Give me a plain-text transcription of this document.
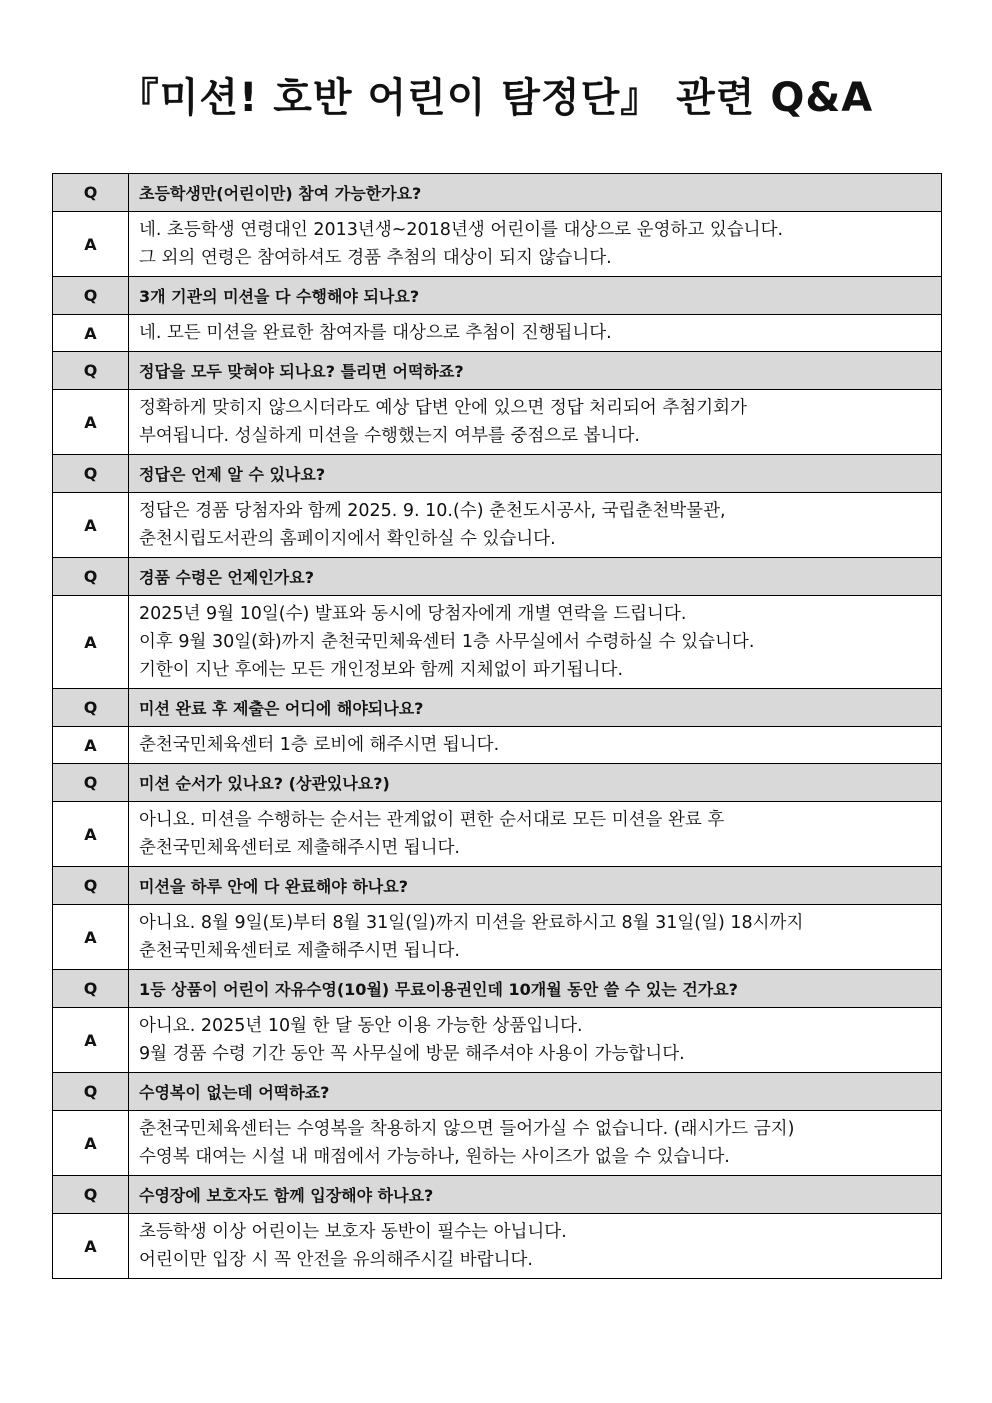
『미션! 호반 어린이 탐정단』 관련 Q&A
Q	초등학생만(어린이만) 참여 가능한가요?
A	네. 초등학생 연령대인 2013년생~2018년생 어린이를 대상으로 운영하고 있습니다.
그 외의 연령은 참여하셔도 경품 추첨의 대상이 되지 않습니다.

Q	3개 기관의 미션을 다 수행해야 되나요?
A	네. 모든 미션을 완료한 참여자를 대상으로 추첨이 진행됩니다.

Q	정답을 모두 맞혀야 되나요? 틀리면 어떡하죠?
A	정확하게 맞히지 않으시더라도 예상 답변 안에 있으면 정답 처리되어 추첨기회가
부여됩니다. 성실하게 미션을 수행했는지 여부를 중점으로 봅니다.

Q	정답은 언제 알 수 있나요?
A	정답은 경품 당첨자와 함께 2025. 9. 10.(수) 춘천도시공사, 국립춘천박물관,
춘천시립도서관의 홈페이지에서 확인하실 수 있습니다.

Q	경품 수령은 언제인가요?
A	2025년 9월 10일(수) 발표와 동시에 당첨자에게 개별 연락을 드립니다.
이후 9월 30일(화)까지 춘천국민체육센터 1층 사무실에서 수령하실 수 있습니다.
기한이 지난 후에는 모든 개인정보와 함께 지체없이 파기됩니다.

Q	미션 완료 후 제출은 어디에 해야되나요?
A	춘천국민체육센터 1층 로비에 해주시면 됩니다.

Q	미션 순서가 있나요? (상관있나요?)
A	아니요. 미션을 수행하는 순서는 관계없이 편한 순서대로 모든 미션을 완료 후
춘천국민체육센터로 제출해주시면 됩니다.

Q	미션을 하루 안에 다 완료해야 하나요?
A	아니요. 8월 9일(토)부터 8월 31일(일)까지 미션을 완료하시고 8월 31일(일) 18시까지
춘천국민체육센터로 제출해주시면 됩니다.

Q	1등 상품이 어린이 자유수영(10월) 무료이용권인데 10개월 동안 쓸 수 있는 건가요?
A	아니요. 2025년 10월 한 달 동안 이용 가능한 상품입니다.
9월 경품 수령 기간 동안 꼭 사무실에 방문 해주셔야 사용이 가능합니다.

Q	수영복이 없는데 어떡하죠?
A	춘천국민체육센터는 수영복을 착용하지 않으면 들어가실 수 없습니다. (래시가드 금지)
수영복 대여는 시설 내 매점에서 가능하나, 원하는 사이즈가 없을 수 있습니다.

Q	수영장에 보호자도 함께 입장해야 하나요?
A	초등학생 이상 어린이는 보호자 동반이 필수는 아닙니다.
어린이만 입장 시 꼭 안전을 유의해주시길 바랍니다.
